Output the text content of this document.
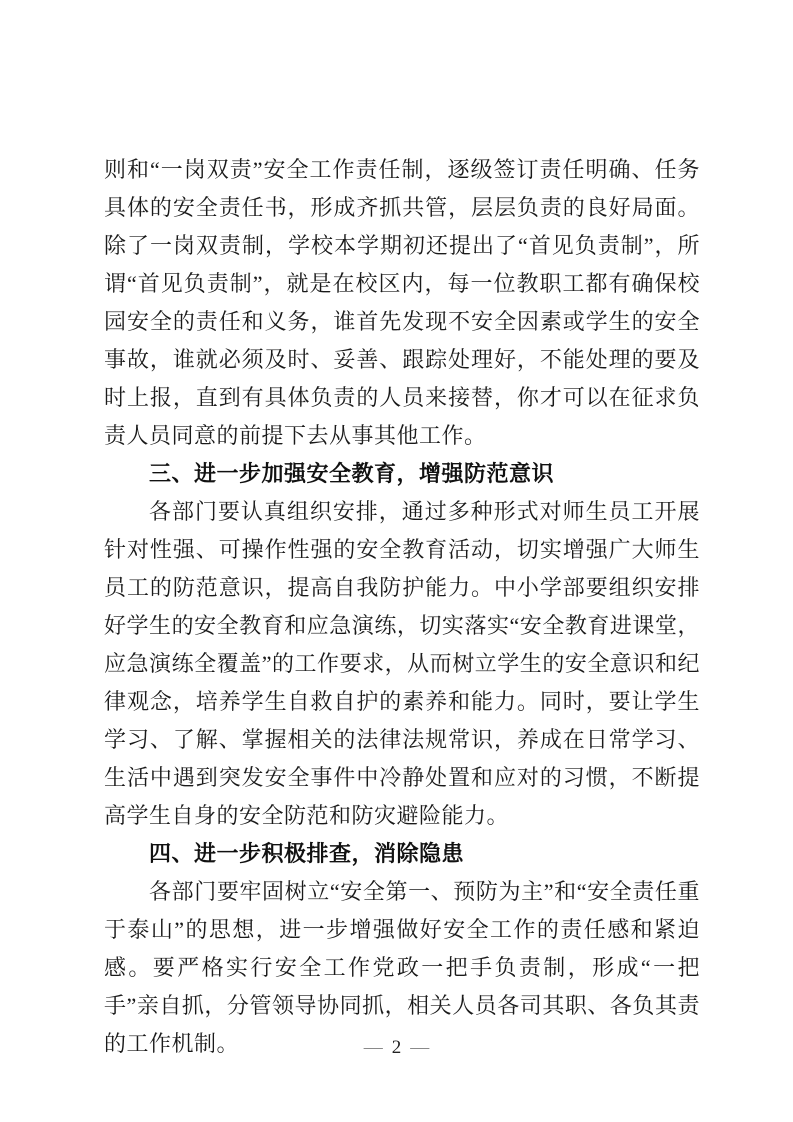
则和“一岗双责”安全工作责任制，逐级签订责任明确、任务具体的安全责任书，形成齐抓共管，层层负责的良好局面。除了一岗双责制，学校本学期初还提出了“首见负责制”，所谓“首见负责制”，就是在校区内，每一位教职工都有确保校园安全的责任和义务，谁首先发现不安全因素或学生的安全事故，谁就必须及时、妥善、跟踪处理好，不能处理的要及时上报，直到有具体负责的人员来接替，你才可以在征求负责人员同意的前提下去从事其他工作。

三、进一步加强安全教育，增强防范意识

各部门要认真组织安排，通过多种形式对师生员工开展针对性强、可操作性强的安全教育活动，切实增强广大师生员工的防范意识，提高自我防护能力。中小学部要组织安排好学生的安全教育和应急演练，切实落实“安全教育进课堂，应急演练全覆盖”的工作要求，从而树立学生的安全意识和纪律观念，培养学生自救自护的素养和能力。同时，要让学生学习、了解、掌握相关的法律法规常识，养成在日常学习、生活中遇到突发安全事件中冷静处置和应对的习惯，不断提高学生自身的安全防范和防灾避险能力。

四、进一步积极排查，消除隐患

各部门要牢固树立“安全第一、预防为主”和“安全责任重于泰山”的思想，进一步增强做好安全工作的责任感和紧迫感。要严格实行安全工作党政一把手负责制，形成“一把手”亲自抓，分管领导协同抓，相关人员各司其职、各负其责的工作机制。	— 2 —
